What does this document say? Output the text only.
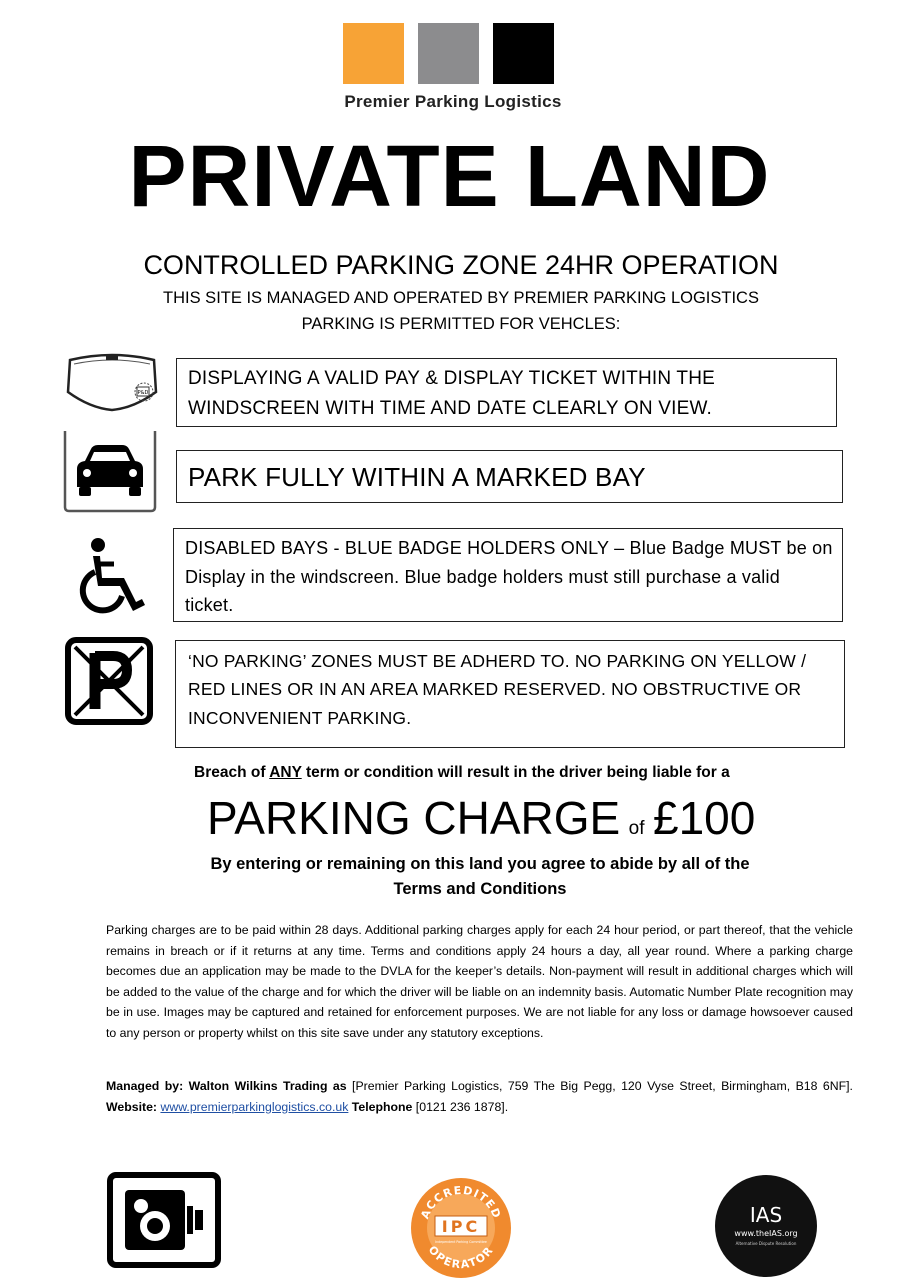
Premier Parking Logistics
PRIVATE LAND
CONTROLLED PARKING ZONE 24HR OPERATION
THIS SITE IS MANAGED AND OPERATED BY PREMIER PARKING LOGISTICS
PARKING IS PERMITTED FOR VEHCLES:
P&D
DISPLAYING A VALID PAY & DISPLAY TICKET WITHIN THE
WINDSCREEN WITH TIME AND DATE CLEARLY ON VIEW.
PARK FULLY WITHIN A MARKED BAY
DISABLED BAYS - BLUE BADGE HOLDERS ONLY – Blue Badge MUST be on
Display in the windscreen. Blue badge holders must still purchase a valid
ticket.
‘NO PARKING’ ZONES MUST BE ADHERD TO. NO PARKING ON YELLOW /
RED LINES OR IN AN AREA MARKED RESERVED. NO OBSTRUCTIVE OR
INCONVENIENT PARKING.
Breach of ANY term or condition will result in the driver being liable for a
PARKING CHARGE of £100
By entering or remaining on this land you agree to abide by all of the
Terms and Conditions
Parking charges are to be paid within 28 days. Additional parking charges apply for each 24 hour period, or part thereof, that the vehicle remains in breach or if it returns at any time. Terms and conditions apply 24 hours a day, all year round. Where a parking charge becomes due an application may be made to the DVLA for the keeper’s details. Non-payment will result in additional charges which will be added to the value of the charge and for which the driver will be liable on an indemnity basis. Automatic Number Plate recognition may be in use. Images may be captured and retained for enforcement purposes. We are not liable for any loss or damage howsoever caused to any person or property whilst on this site save under any statutory exceptions.
Managed by: Walton Wilkins Trading as [Premier Parking Logistics, 759 The Big Pegg, 120 Vyse Street, Birmingham, B18 6NF]. Website: www.premierparkinglogistics.co.uk Telephone [0121 236 1878].
ACCREDITED
OPERATOR
IPC
Independent Parking Committee
IAS
www.theIAS.org
Alternative Dispute Resolution
